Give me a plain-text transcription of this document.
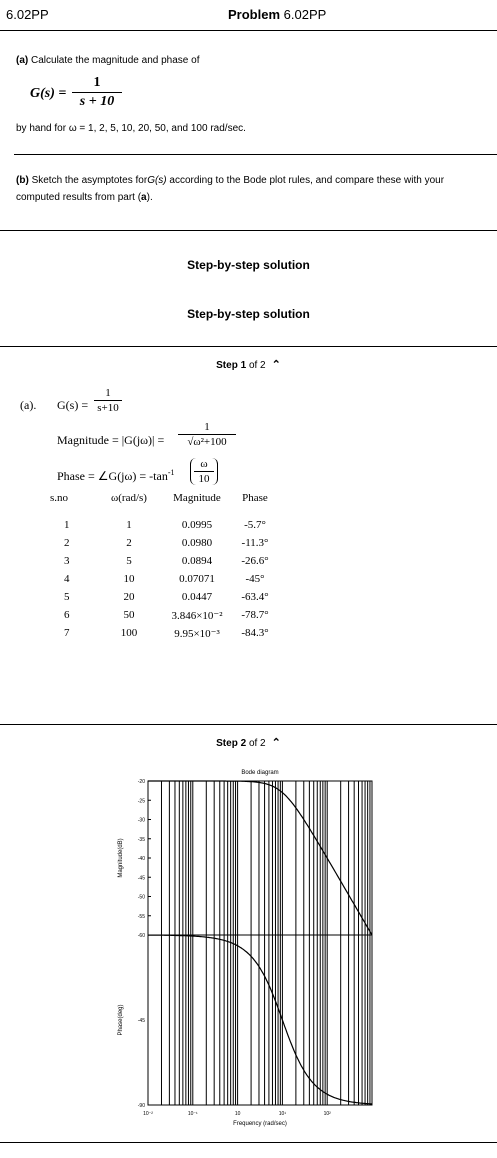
6.02PP	Problem 6.02PP
(a) Calculate the magnitude and phase of
G(s) =
1
s + 10
by hand for ω = 1, 2, 5, 10, 20, 50, and 100 rad/sec.
(b) Sketch the asymptotes forG(s) according to the Bode plot rules, and compare these with your
computed results from part (a).
Step-by-step solution
Step-by-step solution
Step 1 of 2 ⌃
(a). G(s) =
1
s+10
Magnitude = |G(jω)| =
1
√ω²+100
Phase = ∠G(jω) = $-\tan^{-1}$
ω
10
s.no	ω(rad/s)	Magnitude	Phase
1	1	0.0995	-5.7°
2	2	0.0980	-11.3°
3	5	0.0894	-26.6°
4	10	0.07071	-45°
5	20	0.0447	-63.4°
6	50	3.846×10⁻²	-78.7°
7	100	9.95×10⁻³	-84.3°
Step 2 of 2 ⌃
-20
-25
-30
-35
-40
-45
-50
-55
-60
-45
-90
10⁻²	10⁻¹	10	10¹	10²
Bode diagram
Frequency (rad/sec)
Magnitude(dB)
Phase(deg)
